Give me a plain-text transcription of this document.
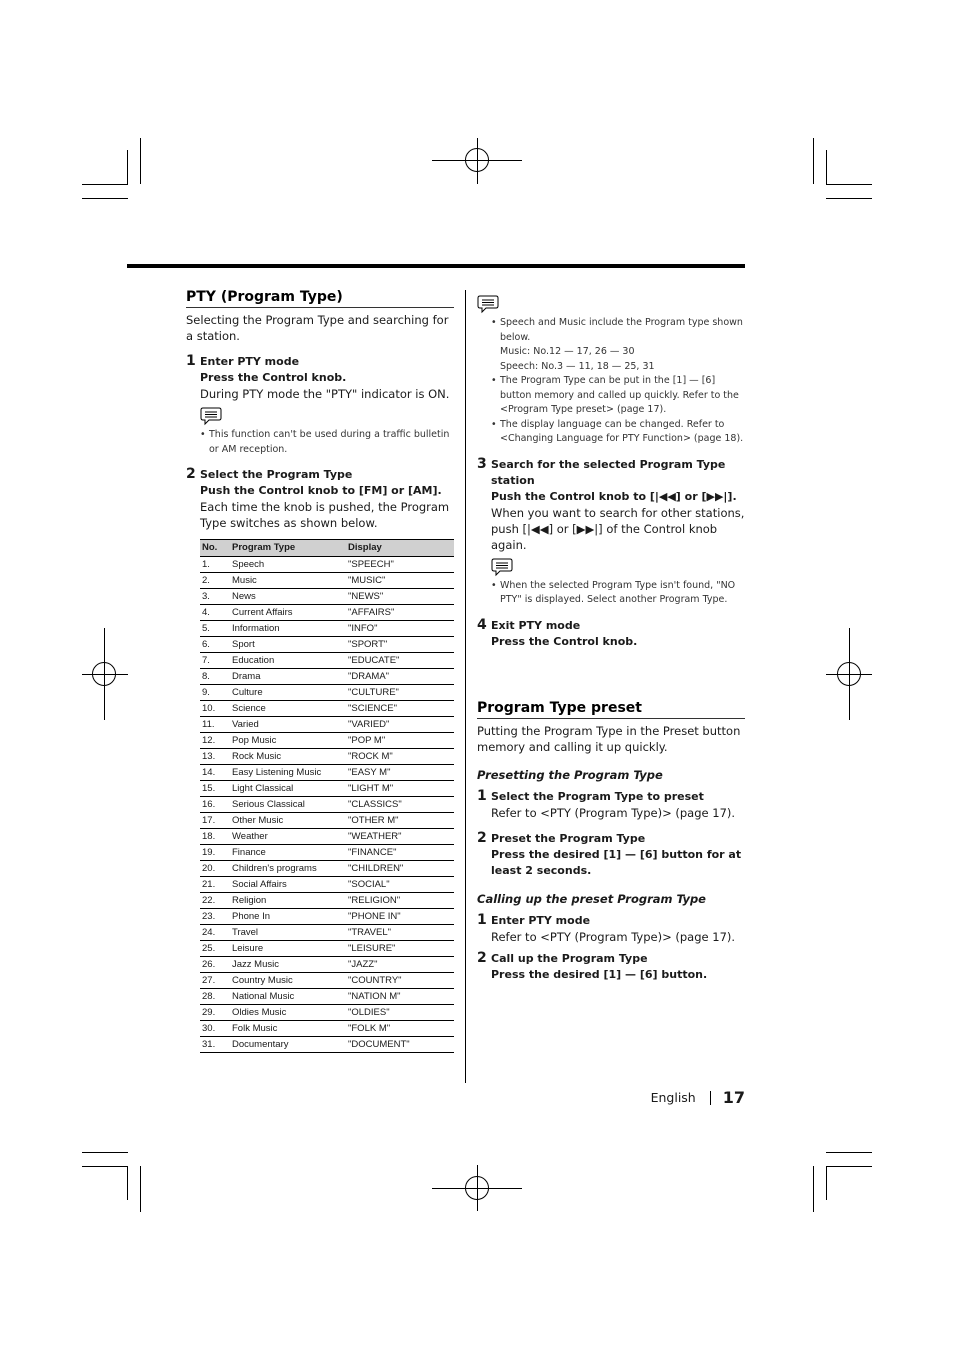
PTY (Program Type)

Selecting the Program Type and searching for a station.

1 Enter PTY mode
Press the Control knob.
During PTY mode the "PTY" indicator is ON.
• This function can't be used during a traffic bulletin or AM reception.
2 Select the Program Type
Push the Control knob to [FM] or [AM].
Each time the knob is pushed, the Program Type switches as shown below.
No.	Program Type	Display
1.	Speech	"SPEECH"
2.	Music	"MUSIC"
3.	News	"NEWS"
4.	Current Affairs	"AFFAIRS"
5.	Information	"INFO"
6.	Sport	"SPORT"
7.	Education	"EDUCATE"
8.	Drama	"DRAMA"
9.	Culture	"CULTURE"
10.	Science	"SCIENCE"
11.	Varied	"VARIED"
12.	Pop Music	"POP M"
13.	Rock Music	"ROCK M"
14.	Easy Listening Music	"EASY M"
15.	Light Classical	"LIGHT M"
16.	Serious Classical	"CLASSICS"
17.	Other Music	"OTHER M"
18.	Weather	"WEATHER"
19.	Finance	"FINANCE"
20.	Children's programs	"CHILDREN"
21.	Social Affairs	"SOCIAL"
22.	Religion	"RELIGION"
23.	Phone In	"PHONE IN"
24.	Travel	"TRAVEL"
25.	Leisure	"LEISURE"
26.	Jazz Music	"JAZZ"
27.	Country Music	"COUNTRY"
28.	National Music	"NATION M"
29.	Oldies Music	"OLDIES"
30.	Folk Music	"FOLK M"
31.	Documentary	"DOCUMENT"
• Speech and Music include the Program type shown below.
Music: No.12 — 17, 26 — 30
Speech: No.3 — 11, 18 — 25, 31
• The Program Type can be put in the [1] — [6] button memory and called up quickly. Refer to the <Program Type preset> (page 17).
• The display language can be changed. Refer to <Changing Language for PTY Function> (page 18).
3 Search for the selected Program Type station
Push the Control knob to [|◀◀] or [▶▶|].
When you want to search for other stations, push [|◀◀] or [▶▶|] of the Control knob again.
• When the selected Program Type isn't found, "NO PTY" is displayed. Select another Program Type.
4 Exit PTY mode
Press the Control knob.
Program Type preset

Putting the Program Type in the Preset button memory and calling it up quickly.

Presetting the Program Type
1 Select the Program Type to preset
Refer to <PTY (Program Type)> (page 17).
2 Preset the Program Type
Press the desired [1] — [6] button for at least 2 seconds.
Calling up the preset Program Type
1 Enter PTY mode
Refer to <PTY (Program Type)> (page 17).
2 Call up the Program Type
Press the desired [1] — [6] button.
English 17
